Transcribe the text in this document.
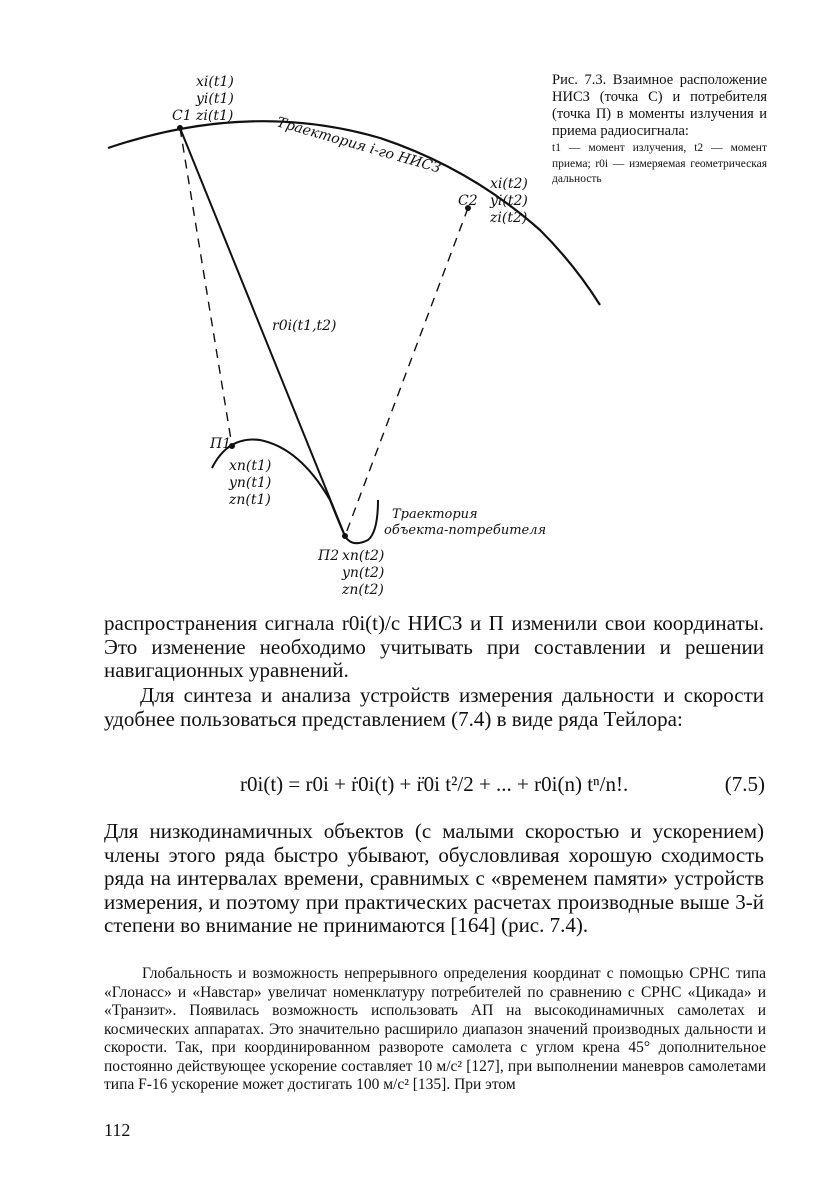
xi(t1)
yi(t1)
zi(t1)
C1	Траектория i-го НИСЗ
C2
xi(t2)
yi(t2)
zi(t2)
r0i(t1,t2)
П1
xn(t1)
yn(t1)
zn(t1)
Траектория
объекта-потребителя
П2 xn(t2)
yn(t2)
zn(t2)
Рис. 7.3. Взаимное расположение НИСЗ (точка С) и потребителя (точка П) в моменты излучения и приема радиосигнала:
t1 — момент излучения, t2 — момент приема; r0i — измеряемая геометрическая дальность
распространения сигнала r0i(t)/c НИСЗ и П изменили свои координаты. Это изменение необходимо учитывать при составлении и решении навигационных уравнений.
Для синтеза и анализа устройств измерения дальности и скорости удобнее пользоваться представлением (7.4) в виде ряда Тейлора:
r0i(t) = r0i + ṙ0i(t) + r̈0i t²/2 + ... + r0i(n) tⁿ/n!.	(7.5)
Для низкодинамичных объектов (с малыми скоростью и ускорением) члены этого ряда быстро убывают, обусловливая хорошую сходимость ряда на интервалах времени, сравнимых с «временем памяти» устройств измерения, и поэтому при практических расчетах производные выше 3-й степени во внимание не принимаются [164] (рис. 7.4).
Глобальность и возможность непрерывного определения координат с помощью СРНС типа «Глонасс» и «Навстар» увеличат номенклатуру потребителей по сравнению с СРНС «Цикада» и «Транзит». Появилась возможность использовать АП на высокодинамичных самолетах и космических аппаратах. Это значительно расширило диапазон значений производных дальности и скорости. Так, при координированном развороте самолета с углом крена 45° дополнительное постоянно действующее ускорение составляет 10 м/с² [127], при выполнении маневров самолетами типа F-16 ускорение может достигать 100 м/с² [135]. При этом
112
